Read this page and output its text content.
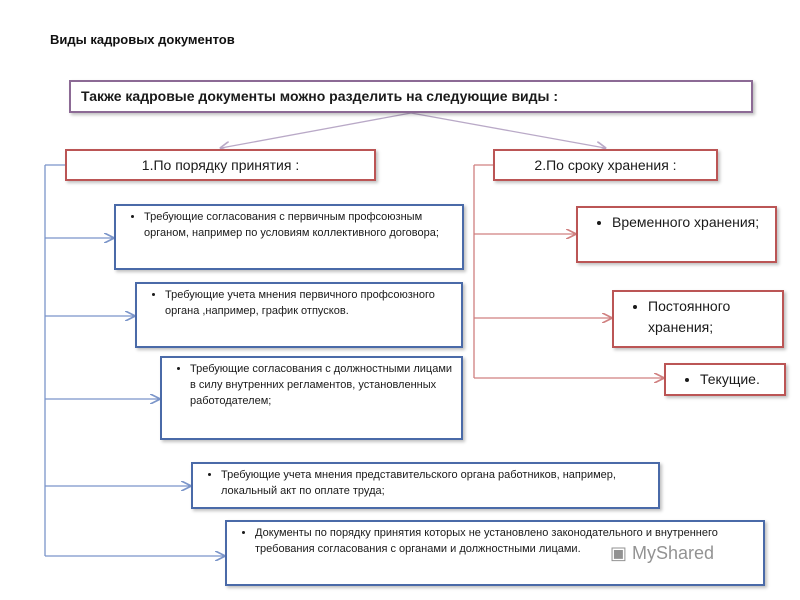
Виды кадровых документов
Также кадровые документы можно разделить на следующие виды :
1.По порядку принятия :	2.По сроку хранения :
• Требующие согласования с первичным профсоюзным органом, например по условиям коллективного договора;
• Требующие учета мнения первичного профсоюзного органа ,например, график отпусков.
• Требующие согласования с должностными лицами в силу внутренних регламентов, установленных работодателем;
• Требующие учета мнения представительского органа работников, например, локальный акт по оплате труда;
• Документы по порядку принятия которых не установлено законодательного и внутреннего требования согласования с органами и должностными лицами.
• Временного хранения;
• Постоянного хранения;
• Текущие.
▣ MyShared
